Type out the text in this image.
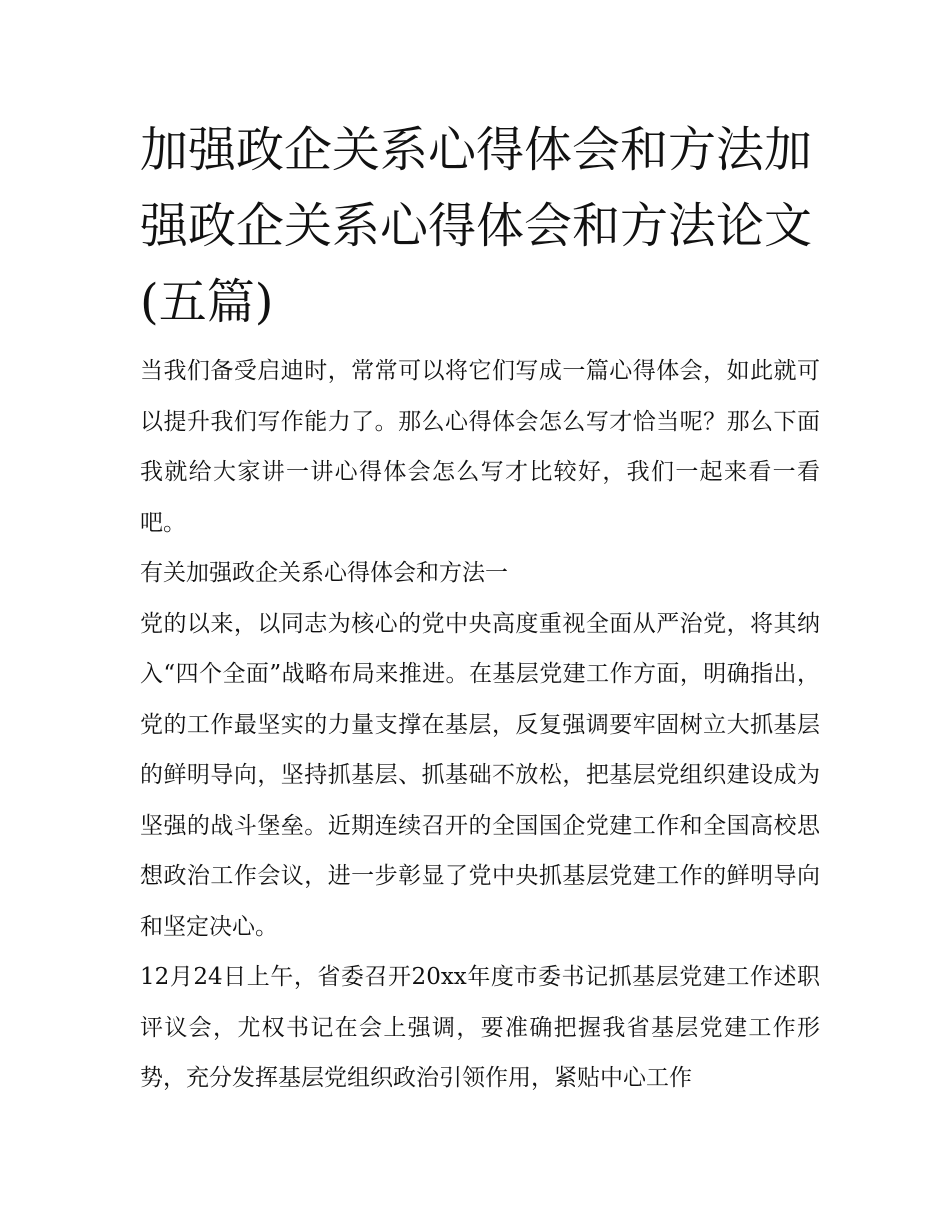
加强政企关系心得体会和方法加强政企关系心得体会和方法论文(五篇)

当我们备受启迪时，常常可以将它们写成一篇心得体会，如此就可以提升我们写作能力了。那么心得体会怎么写才恰当呢？那么下面我就给大家讲一讲心得体会怎么写才比较好，我们一起来看一看吧。

有关加强政企关系心得体会和方法一

党的以来，以同志为核心的党中央高度重视全面从严治党，将其纳入“四个全面”战略布局来推进。在基层党建工作方面，明确指出，党的工作最坚实的力量支撑在基层，反复强调要牢固树立大抓基层的鲜明导向，坚持抓基层、抓基础不放松，把基层党组织建设成为坚强的战斗堡垒。近期连续召开的全国国企党建工作和全国高校思想政治工作会议，进一步彰显了党中央抓基层党建工作的鲜明导向和坚定决心。

12月24日上午，省委召开20xx年度市委书记抓基层党建工作述职评议会，尤权书记在会上强调，要准确把握我省基层党建工作形势，充分发挥基层党组织政治引领作用，紧贴中心工作
